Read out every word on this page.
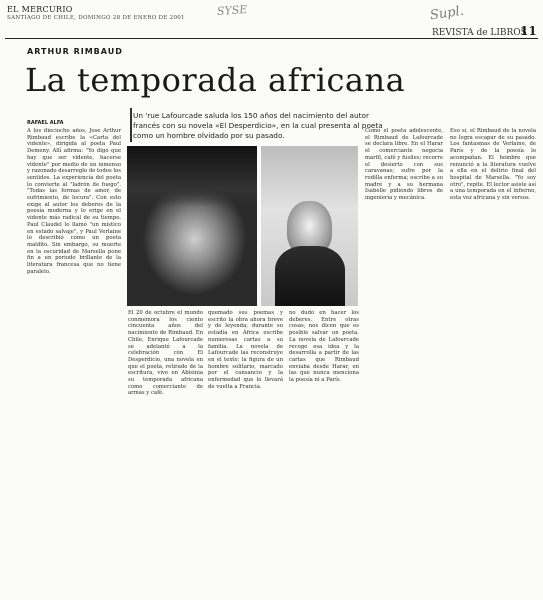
EL MERCURIO
SANTIAGO DE CHILE, DOMINGO 28 DE ENERO DE 2001	SYSE	Supl.
REVISTA de LIBROS
11
ARTHUR RIMBAUD
La temporada africana
Un 'rue Lafourcade saluda los 150 años del nacimiento del autor francés con su novela «El Desperdicio», en la cual presenta al poeta como un hombre olvidado por su pasado.
RAFAEL ALFA
A los dieciocho años, Jose Arthur Rimbaud escribe la «Carta del vidente», dirigida al poeta Paul Demeny. Allí afirma: "Yo digo que hay que ser vidente, hacerse vidente" por medio de un inmenso y razonado desarreglo de todos los sentidos. La experiencia del poeta lo convierte al "ladrón de fuego". "Todas las formas de amor, de sufrimiento, de locura". Con esto exige al autor los deberes de la poesía moderna y lo erige en el vidente más radical de su tiempo. Paul Claudel lo llamó "un místico en estado salvaje", y Paul Verlaine lo describió como un poeta maldito. Sin embargo, su muerte en la oscuridad de Marsella pone fin a un período brillante de la literatura francesa que no tiene paralelo.
El 20 de octubre el mundo conmemora los ciento cincuenta años del nacimiento de Rimbaud. En Chile, Enrique Lafourcade se adelantó a la celebración con El Desperdicio, una novela en que el poeta, retirado de la escritura, vive en Abisinia su temporada africana como comerciante de armas y café.
quemado sus poemas y escrito la obra ahora breve y de leyenda; durante su estadía en África escribe numerosas cartas a su familia. La novela de Lafourcade las reconstruye en el texto: la figura de un hombre solitario, marcado por el cansancio y la enfermedad que lo llevará de vuelta a Francia.
no dudó en hacer los deberes. Entre otras cosas, nos dicen que es posible salvar un poeta. La novela de Lafourcade recoge esa idea y la desarrolla a partir de las cartas que Rimbaud enviaba desde Harar, en las que nunca menciona la poesía ni a París.
Como el poeta adolescente, el Rimbaud de Lafourcade se declara libre. En el Harar el comerciante negocia marfil, café y fusiles; recorre el desierto con sus caravanas; sufre por la rodilla enferma; escribe a su madre y a su hermana Isabelle pidiendo libros de ingeniería y mecánica.
Eso sí, el Rimbaud de la novela no logra escapar de su pasado. Los fantasmas de Verlaine, de París y de la poesía lo acompañan. El hombre que renunció a la literatura vuelve a ella en el delirio final del hospital de Marsella. "Yo soy otro", repite. El lector asiste así a una temporada en el infierno, esta vez africana y sin versos.
